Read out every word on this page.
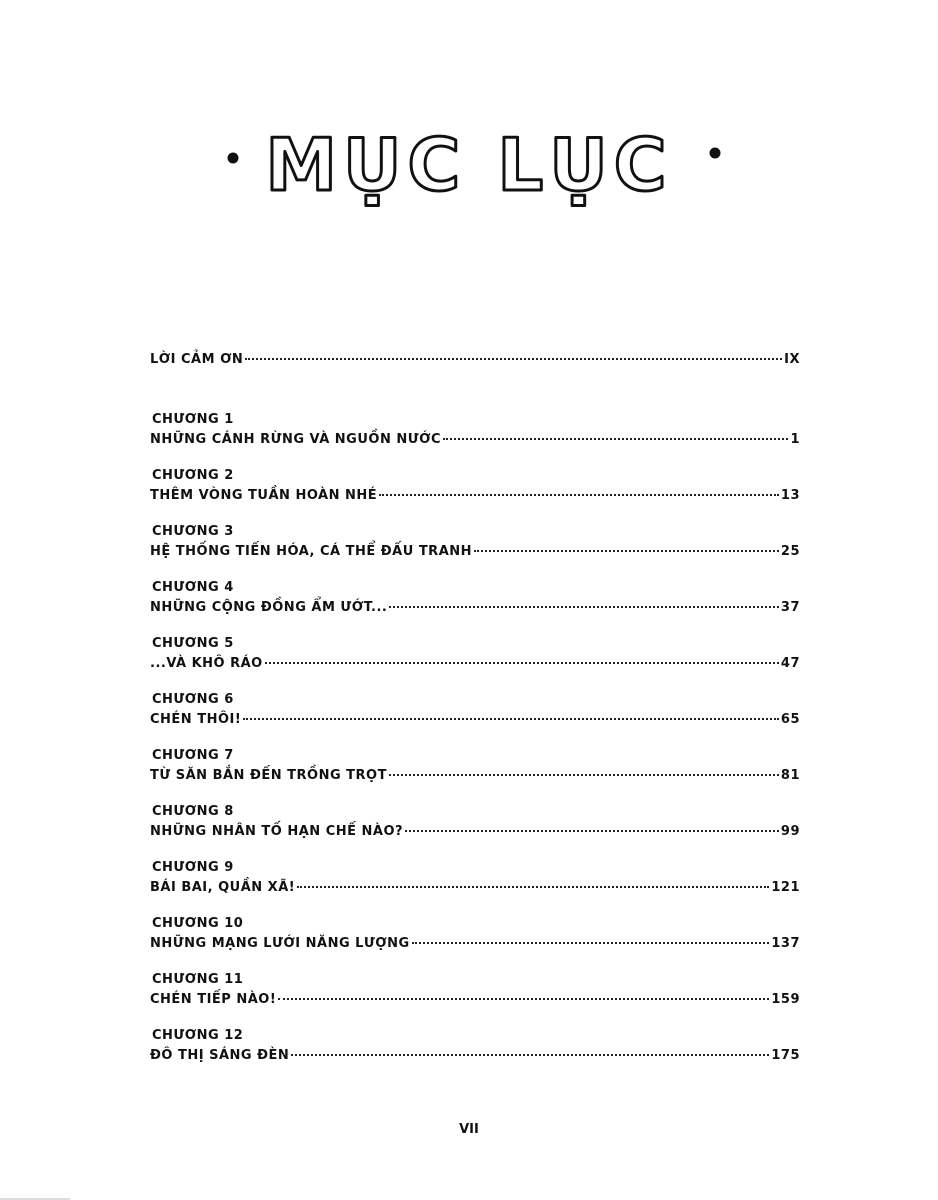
MỤC LỤC
LỜI CẢM ƠN	IX
CHƯƠNG 1
NHỮNG CÁNH RỪNG VÀ NGUỒN NƯỚC	1
CHƯƠNG 2
THÊM VÒNG TUẦN HOÀN NHÉ	13
CHƯƠNG 3
HỆ THỐNG TIẾN HÓA, CÁ THỂ ĐẤU TRANH	25
CHƯƠNG 4
NHỮNG CỘNG ĐỒNG ẨM ƯỚT...	37
CHƯƠNG 5
...VÀ KHÔ RÁO	47
CHƯƠNG 6
CHÉN THÔI!	65
CHƯƠNG 7
TỪ SĂN BẮN ĐẾN TRỒNG TRỌT	81
CHƯƠNG 8
NHỮNG NHÂN TỐ HẠN CHẾ NÀO?	99
CHƯƠNG 9
BÁI BAI, QUẦN XÃ!	121
CHƯƠNG 10
NHỮNG MẠNG LƯỚI NĂNG LƯỢNG	137
CHƯƠNG 11
CHÉN TIẾP NÀO!	159
CHƯƠNG 12
ĐÔ THỊ SÁNG ĐÈN	175
VII
